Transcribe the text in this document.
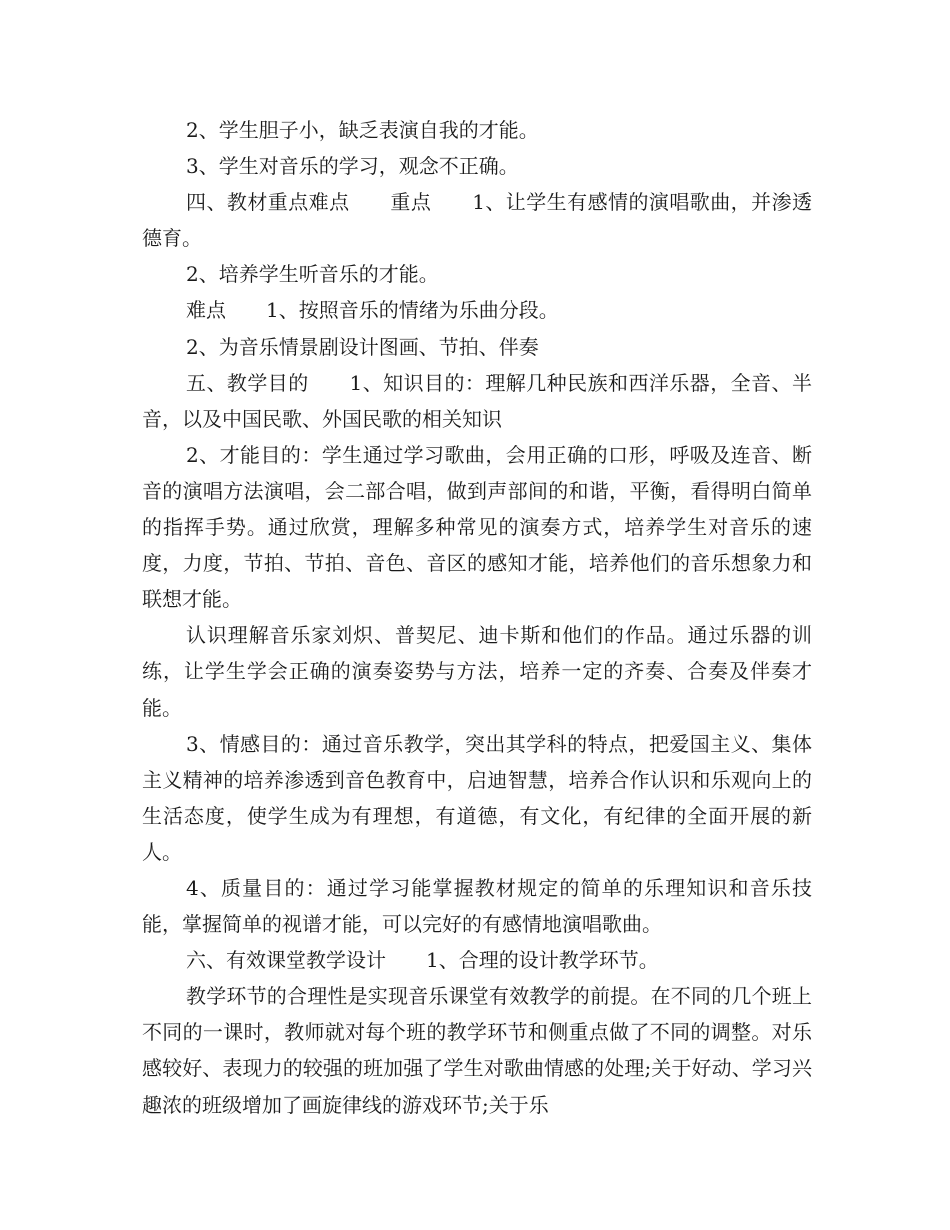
2、学生胆子小，缺乏表演自我的才能。

3、学生对音乐的学习，观念不正确。

四、教材重点难点　　重点　　1、让学生有感情的演唱歌曲，并渗透德育。

2、培养学生听音乐的才能。

难点　　1、按照音乐的情绪为乐曲分段。

2、为音乐情景剧设计图画、节拍、伴奏

五、教学目的　　1、知识目的：理解几种民族和西洋乐器，全音、半音，以及中国民歌、外国民歌的相关知识

2、才能目的：学生通过学习歌曲，会用正确的口形，呼吸及连音、断音的演唱方法演唱，会二部合唱，做到声部间的和谐，平衡，看得明白简单的指挥手势。通过欣赏，理解多种常见的演奏方式，培养学生对音乐的速度，力度，节拍、节拍、音色、音区的感知才能，培养他们的音乐想象力和联想才能。

认识理解音乐家刘炽、普契尼、迪卡斯和他们的作品。通过乐器的训练，让学生学会正确的演奏姿势与方法，培养一定的齐奏、合奏及伴奏才能。

3、情感目的：通过音乐教学，突出其学科的特点，把爱国主义、集体主义精神的培养渗透到音色教育中，启迪智慧，培养合作认识和乐观向上的生活态度，使学生成为有理想，有道德，有文化，有纪律的全面开展的新人。

4、质量目的：通过学习能掌握教材规定的简单的乐理知识和音乐技能，掌握简单的视谱才能，可以完好的有感情地演唱歌曲。

六、有效课堂教学设计　　1、合理的设计教学环节。

教学环节的合理性是实现音乐课堂有效教学的前提。在不同的几个班上不同的一课时，教师就对每个班的教学环节和侧重点做了不同的调整。对乐感较好、表现力的较强的班加强了学生对歌曲情感的处理;关于好动、学习兴趣浓的班级增加了画旋律线的游戏环节;关于乐
